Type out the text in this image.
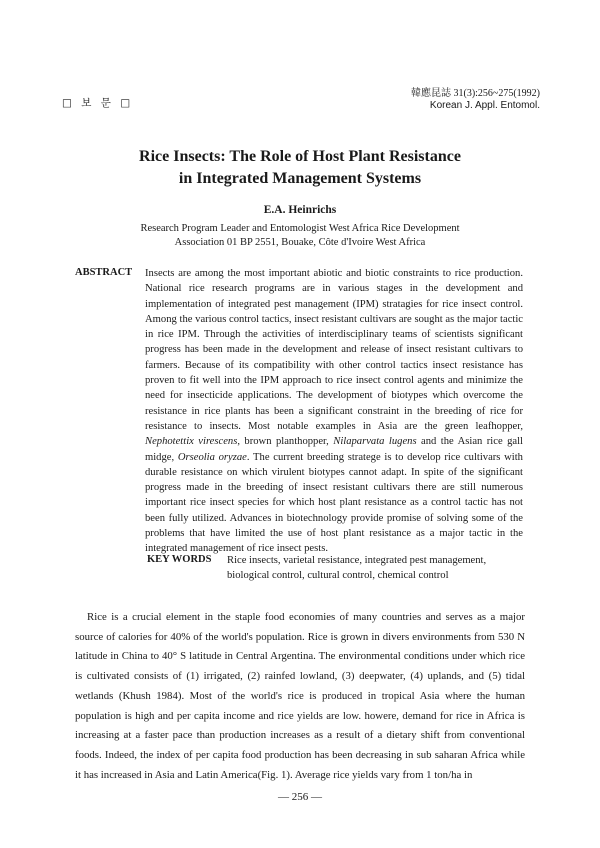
□ 보 문 □
韓應昆誌 31(3):256~275(1992)
Korean J. Appl. Entomol.
Rice Insects: The Role of Host Plant Resistance
in Integrated Management Systems
E.A. Heinrichs
Research Program Leader and Entomologist West Africa Rice Development
Association 01 BP 2551, Bouake, Côte d'Ivoire West Africa
ABSTRACT Insects are among the most important abiotic and biotic constraints to rice production. National rice research programs are in various stages in the development and implementation of integrated pest management (IPM) stratagies for rice insect control. Among the various control tactics, insect resistant cultivars are sought as the major tactic in rice IPM. Through the activities of interdisciplinary teams of scientists significant progress has been made in the development and release of insect resistant cultivars to farmers. Because of its compatibility with other control tactics insect resistance has proven to fit well into the IPM approach to rice insect control agents and minimize the need for insecticide applications. The development of biotypes which overcome the resistance in rice plants has been a significant constraint in the breeding of rice for resistance to insects. Most notable examples in Asia are the green leafhopper, Nephotettix virescens, brown planthopper, Nilaparvata lugens and the Asian rice gall midge, Orseolia oryzae. The current breeding stratege is to develop rice cultivars with durable resistance on which virulent biotypes cannot adapt. In spite of the significant progress made in the breeding of insect resistant cultivars there are still numerous important rice insect species for which host plant resistance as a control tactic has not been fully utilized. Advances in biotechnology provide promise of solving some of the problems that have limited the use of host plant resistance as a major tactic in the integrated management of rice insect pests.
KEY WORDS Rice insects, varietal resistance, integrated pest management, biological control, cultural control, chemical control
Rice is a crucial element in the staple food economies of many countries and serves as a major source of calories for 40% of the world's population. Rice is grown in divers environments from 530 N latitude in China to 40° S latitude in Central Argentina. The environmental conditions under which rice is cultivated consists of (1) irrigated, (2) rainfed lowland, (3) deepwater, (4) uplands, and (5) tidal wetlands (Khush 1984). Most of the world's rice is produced in tropical Asia where the human population is high and per capita income and rice yields are low. howere, demand for rice in Africa is increasing at a faster pace than production increases as a result of a dietary shift from conventional foods. Indeed, the index of per capita food production has been decreasing in sub saharan Africa while it has increased in Asia and Latin America(Fig. 1). Average rice yields vary from 1 ton/ha in
— 256 —
